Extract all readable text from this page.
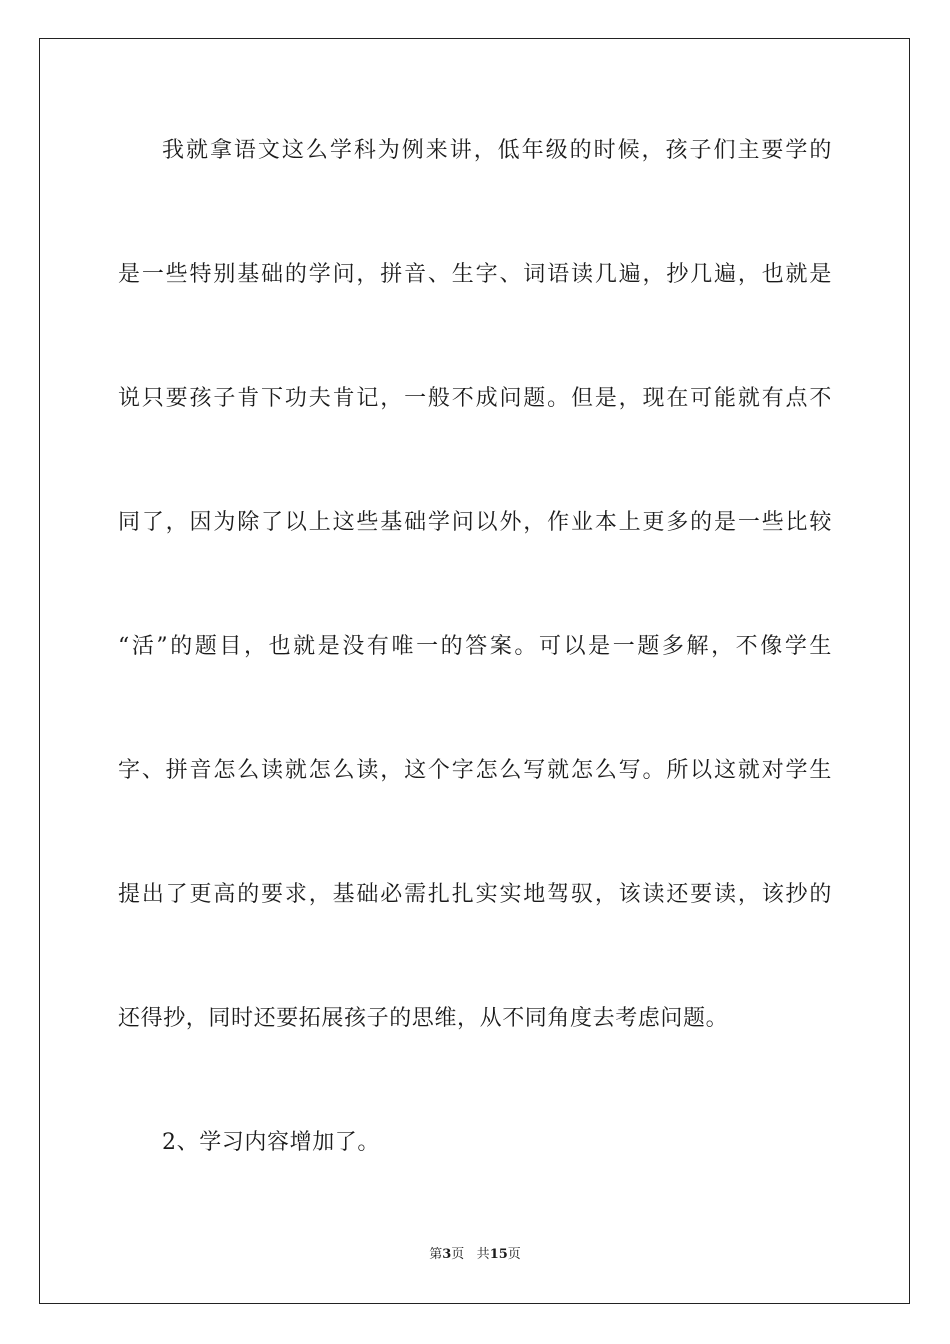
我就拿语文这么学科为例来讲，低年级的时候，孩子们主要学的
是一些特别基础的学问，拼音、生字、词语读几遍，抄几遍，也就是
说只要孩子肯下功夫肯记，一般不成问题。但是，现在可能就有点不
同了，因为除了以上这些基础学问以外，作业本上更多的是一些比较
“活”的题目，也就是没有唯一的答案。可以是一题多解，不像学生
字、拼音怎么读就怎么读，这个字怎么写就怎么写。所以这就对学生
提出了更高的要求，基础必需扎扎实实地驾驭，该读还要读，该抄的
还得抄，同时还要拓展孩子的思维，从不同角度去考虑问题。
2、学习内容增加了。
第3页 共15页
